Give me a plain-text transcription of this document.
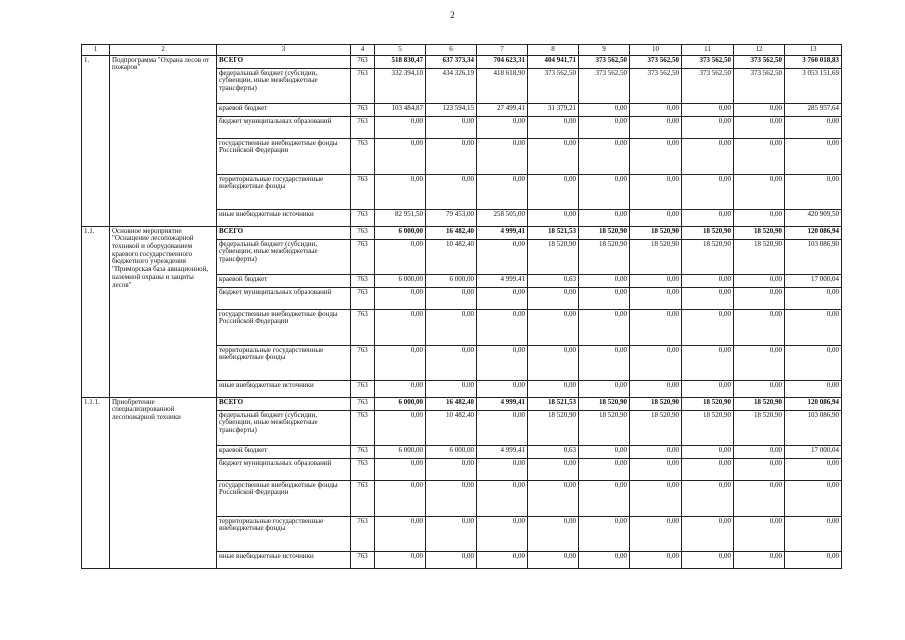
2
1	2	3	4	5	6	7	8	9	10	11	12	13
1.	Подпрограмма "Охрана лесов от пожаров"	ВСЕГО	763	518 830,47	637 373,34	704 623,31	404 941,71	373 562,50	373 562,50	373 562,50	373 562,50	3 760 018,83
		федеральный бюджет (субсидии, субвенции, иные межбюджетные трансферты)	763	332 394,10	434 326,19	418 618,90	373 562,50	373 562,50	373 562,50	373 562,50	373 562,50	3 053 151,69
		краевой бюджет	763	103 484,87	123 594,15	27 499,41	31 379,21	0,00	0,00	0,00	0,00	285 957,64
		бюджет муниципальных образований	763	0,00	0,00	0,00	0,00	0,00	0,00	0,00	0,00	0,00
		государственные внебюджетные фонды Российской Федерации	763	0,00	0,00	0,00	0,00	0,00	0,00	0,00	0,00	0,00
		территориальные государственные внебюджетные фонды	763	0,00	0,00	0,00	0,00	0,00	0,00	0,00	0,00	0,00
		иные внебюджетные источники	763	82 951,50	79 453,00	258 505,00	0,00	0,00	0,00	0,00	0,00	420 909,50
1.1.	Основное мероприятие "Оснащение лесопожарной техникой и оборудованием краевого государственного бюджетного учреждения "Приморская база авиационной, наземной охраны и защиты лесов"	ВСЕГО	763	6 000,00	16 482,40	4 999,41	18 521,53	18 520,90	18 520,90	18 520,90	18 520,90	120 086,94
		федеральный бюджет (субсидии, субвенции, иные межбюджетные трансферты)	763	0,00	10 482,40	0,00	18 520,90	18 520,90	18 520,90	18 520,90	18 520,90	103 086,90
		краевой бюджет	763	6 000,00	6 000,00	4 999,41	0,63	0,00	0,00	0,00	0,00	17 000,04
		бюджет муниципальных образований	763	0,00	0,00	0,00	0,00	0,00	0,00	0,00	0,00	0,00
		государственные внебюджетные фонды Российской Федерации	763	0,00	0,00	0,00	0,00	0,00	0,00	0,00	0,00	0,00
		территориальные государственные внебюджетные фонды	763	0,00	0,00	0,00	0,00	0,00	0,00	0,00	0,00	0,00
		иные внебюджетные источники	763	0,00	0,00	0,00	0,00	0,00	0,00	0,00	0,00	0,00
1.1.1.	Приобретение специализированной лесопожарной техники	ВСЕГО	763	6 000,00	16 482,40	4 999,41	18 521,53	18 520,90	18 520,90	18 520,90	18 520,90	120 086,94
		федеральный бюджет (субсидии, субвенции, иные межбюджетные трансферты)	763	0,00	10 482,40	0,00	18 520,90	18 520,90	18 520,90	18 520,90	18 520,90	103 086,90
		краевой бюджет	763	6 000,00	6 000,00	4 999,41	0,63	0,00	0,00	0,00	0,00	17 000,04
		бюджет муниципальных образований	763	0,00	0,00	0,00	0,00	0,00	0,00	0,00	0,00	0,00
		государственные внебюджетные фонды Российской Федерации	763	0,00	0,00	0,00	0,00	0,00	0,00	0,00	0,00	0,00
		территориальные государственные внебюджетные фонды	763	0,00	0,00	0,00	0,00	0,00	0,00	0,00	0,00	0,00
		иные внебюджетные источники	763	0,00	0,00	0,00	0,00	0,00	0,00	0,00	0,00	0,00
